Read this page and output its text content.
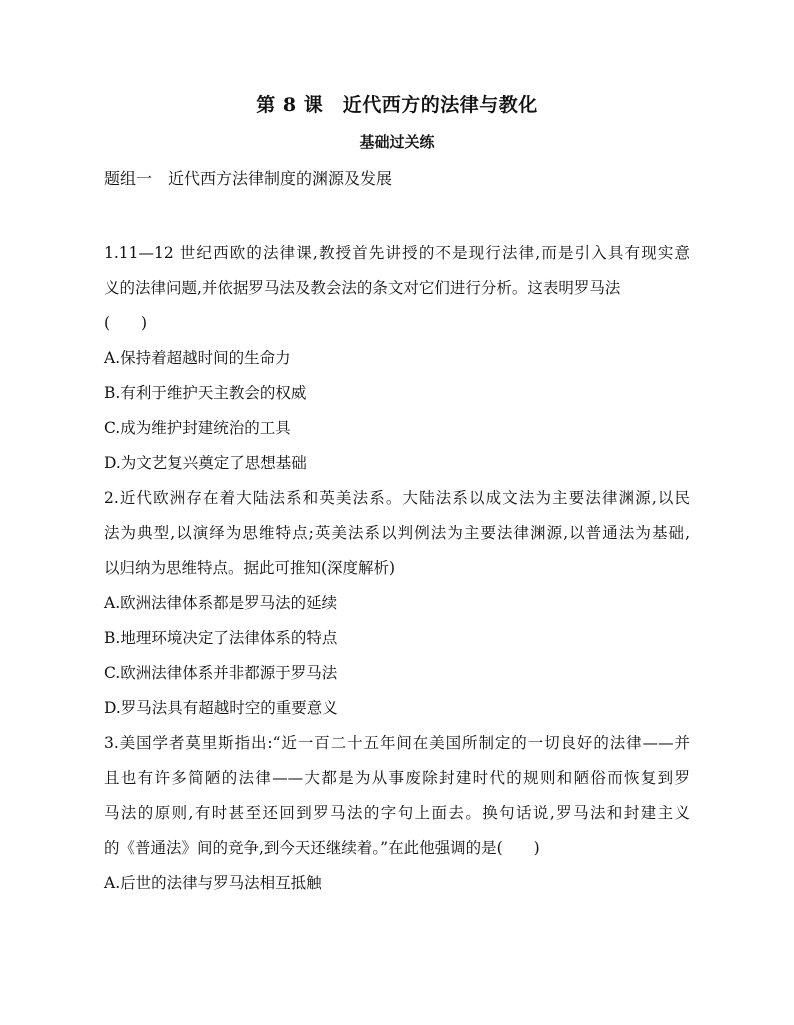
第 8 课　近代西方的法律与教化
基础过关练
题组一　近代西方法律制度的渊源及发展
1.11—12 世纪西欧的法律课,教授首先讲授的不是现行法律,而是引入具有现实意
义的法律问题,并依据罗马法及教会法的条文对它们进行分析。这表明罗马法
(　　)
A.保持着超越时间的生命力
B.有利于维护天主教会的权威
C.成为维护封建统治的工具
D.为文艺复兴奠定了思想基础
2.近代欧洲存在着大陆法系和英美法系。大陆法系以成文法为主要法律渊源,以民
法为典型,以演绎为思维特点;英美法系以判例法为主要法律渊源,以普通法为基础,
以归纳为思维特点。据此可推知(深度解析)
A.欧洲法律体系都是罗马法的延续
B.地理环境决定了法律体系的特点
C.欧洲法律体系并非都源于罗马法
D.罗马法具有超越时空的重要意义
3.美国学者莫里斯指出:“近一百二十五年间在美国所制定的一切良好的法律——并
且也有许多简陋的法律——大都是为从事废除封建时代的规则和陋俗而恢复到罗
马法的原则,有时甚至还回到罗马法的字句上面去。换句话说,罗马法和封建主义
的《普通法》间的竞争,到今天还继续着。”在此他强调的是(　　)
A.后世的法律与罗马法相互抵触
